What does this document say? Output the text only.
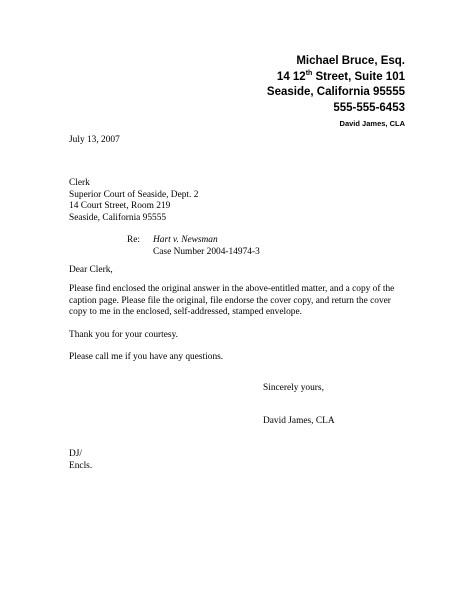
Michael Bruce, Esq.
14 12th Street, Suite 101
Seaside, California 95555
555-555-6453
David James, CLA
July 13, 2007
Clerk
Superior Court of Seaside, Dept. 2
14 Court Street, Room 219
Seaside, California 95555
Re: Hart v. Newsman
Case Number 2004-14974-3
Dear Clerk,
Please find enclosed the original answer in the above-entitled matter, and a copy of the
caption page. Please file the original, file endorse the cover copy, and return the cover
copy to me in the enclosed, self-addressed, stamped envelope.
Thank you for your courtesy.
Please call me if you have any questions.
Sincerely yours,
David James, CLA
DJ/
Encls.
